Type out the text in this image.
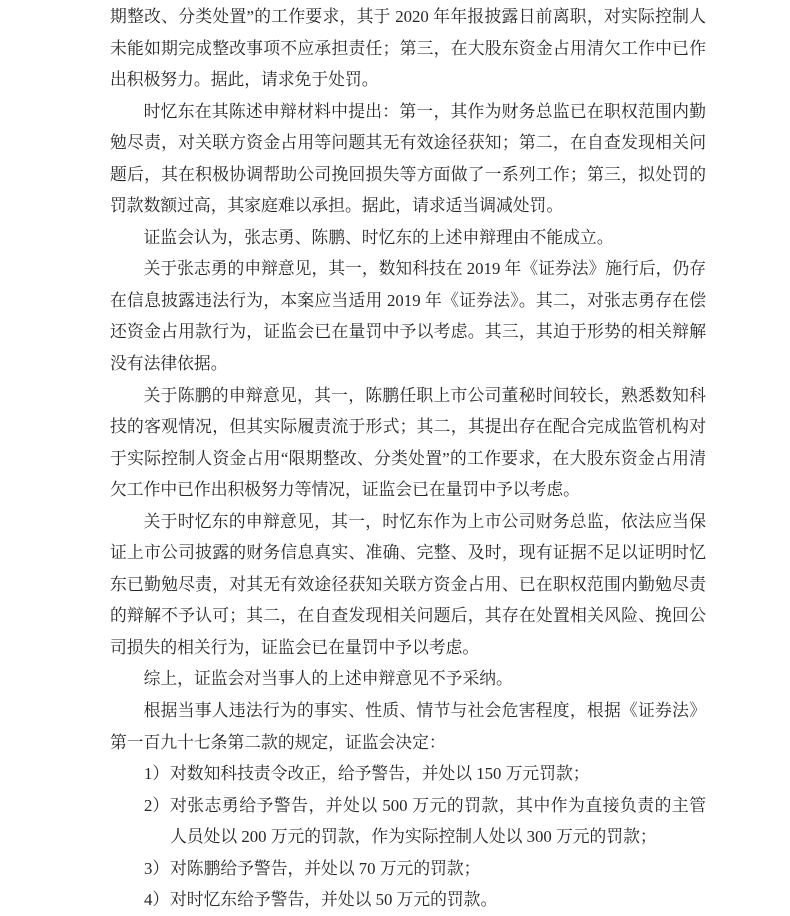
期整改、分类处置”的工作要求，其于 2020 年年报披露日前离职，对实际控制人未能如期完成整改事项不应承担责任；第三，在大股东资金占用清欠工作中已作出积极努力。据此，请求免于处罚。

时忆东在其陈述申辩材料中提出：第一，其作为财务总监已在职权范围内勤勉尽责，对关联方资金占用等问题其无有效途径获知；第二，在自查发现相关问题后，其在积极协调帮助公司挽回损失等方面做了一系列工作；第三，拟处罚的罚款数额过高，其家庭难以承担。据此，请求适当调减处罚。

证监会认为，张志勇、陈鹏、时忆东的上述申辩理由不能成立。

关于张志勇的申辩意见，其一，数知科技在 2019 年《证券法》施行后，仍存在信息披露违法行为，本案应当适用 2019 年《证券法》。其二，对张志勇存在偿还资金占用款行为，证监会已在量罚中予以考虑。其三，其迫于形势的相关辩解没有法律依据。

关于陈鹏的申辩意见，其一，陈鹏任职上市公司董秘时间较长，熟悉数知科技的客观情况，但其实际履责流于形式；其二，其提出存在配合完成监管机构对于实际控制人资金占用“限期整改、分类处置”的工作要求，在大股东资金占用清欠工作中已作出积极努力等情况，证监会已在量罚中予以考虑。

关于时忆东的申辩意见，其一，时忆东作为上市公司财务总监，依法应当保证上市公司披露的财务信息真实、准确、完整、及时，现有证据不足以证明时忆东已勤勉尽责，对其无有效途径获知关联方资金占用、已在职权范围内勤勉尽责的辩解不予认可；其二，在自查发现相关问题后，其存在处置相关风险、挽回公司损失的相关行为，证监会已在量罚中予以考虑。

综上，证监会对当事人的上述申辩意见不予采纳。

根据当事人违法行为的事实、性质、情节与社会危害程度，根据《证券法》第一百九十七条第二款的规定，证监会决定：

1） 对数知科技责令改正，给予警告，并处以 150 万元罚款；
2） 对张志勇给予警告，并处以 500 万元的罚款，其中作为直接负责的主管人员处以 200 万元的罚款，作为实际控制人处以 300 万元的罚款；
3） 对陈鹏给予警告，并处以 70 万元的罚款；
4） 对时忆东给予警告，并处以 50 万元的罚款。
